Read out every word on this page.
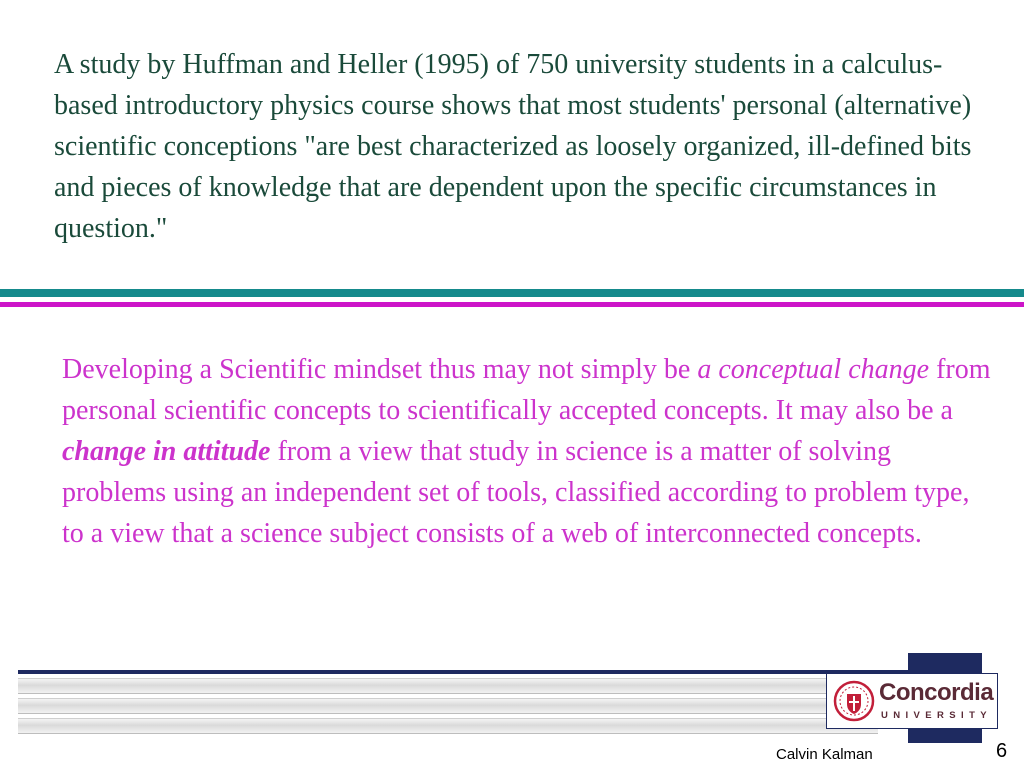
A study by Huffman and Heller (1995) of 750 university students in a calculus-based introductory physics course shows that most students' personal (alternative) scientific conceptions "are best characterized as loosely organized, ill-defined bits and pieces of knowledge that are dependent upon the specific circumstances in question."

Developing a Scientific mindset thus may not simply be a conceptual change from personal scientific concepts to scientifically accepted concepts. It may also be a change in attitude from a view that study in science is a matter of solving problems using an independent set of tools, classified according to problem type, to a view that a science subject consists of a web of interconnected concepts.

Concordia
UNIVERSITY
Calvin Kalman	6
